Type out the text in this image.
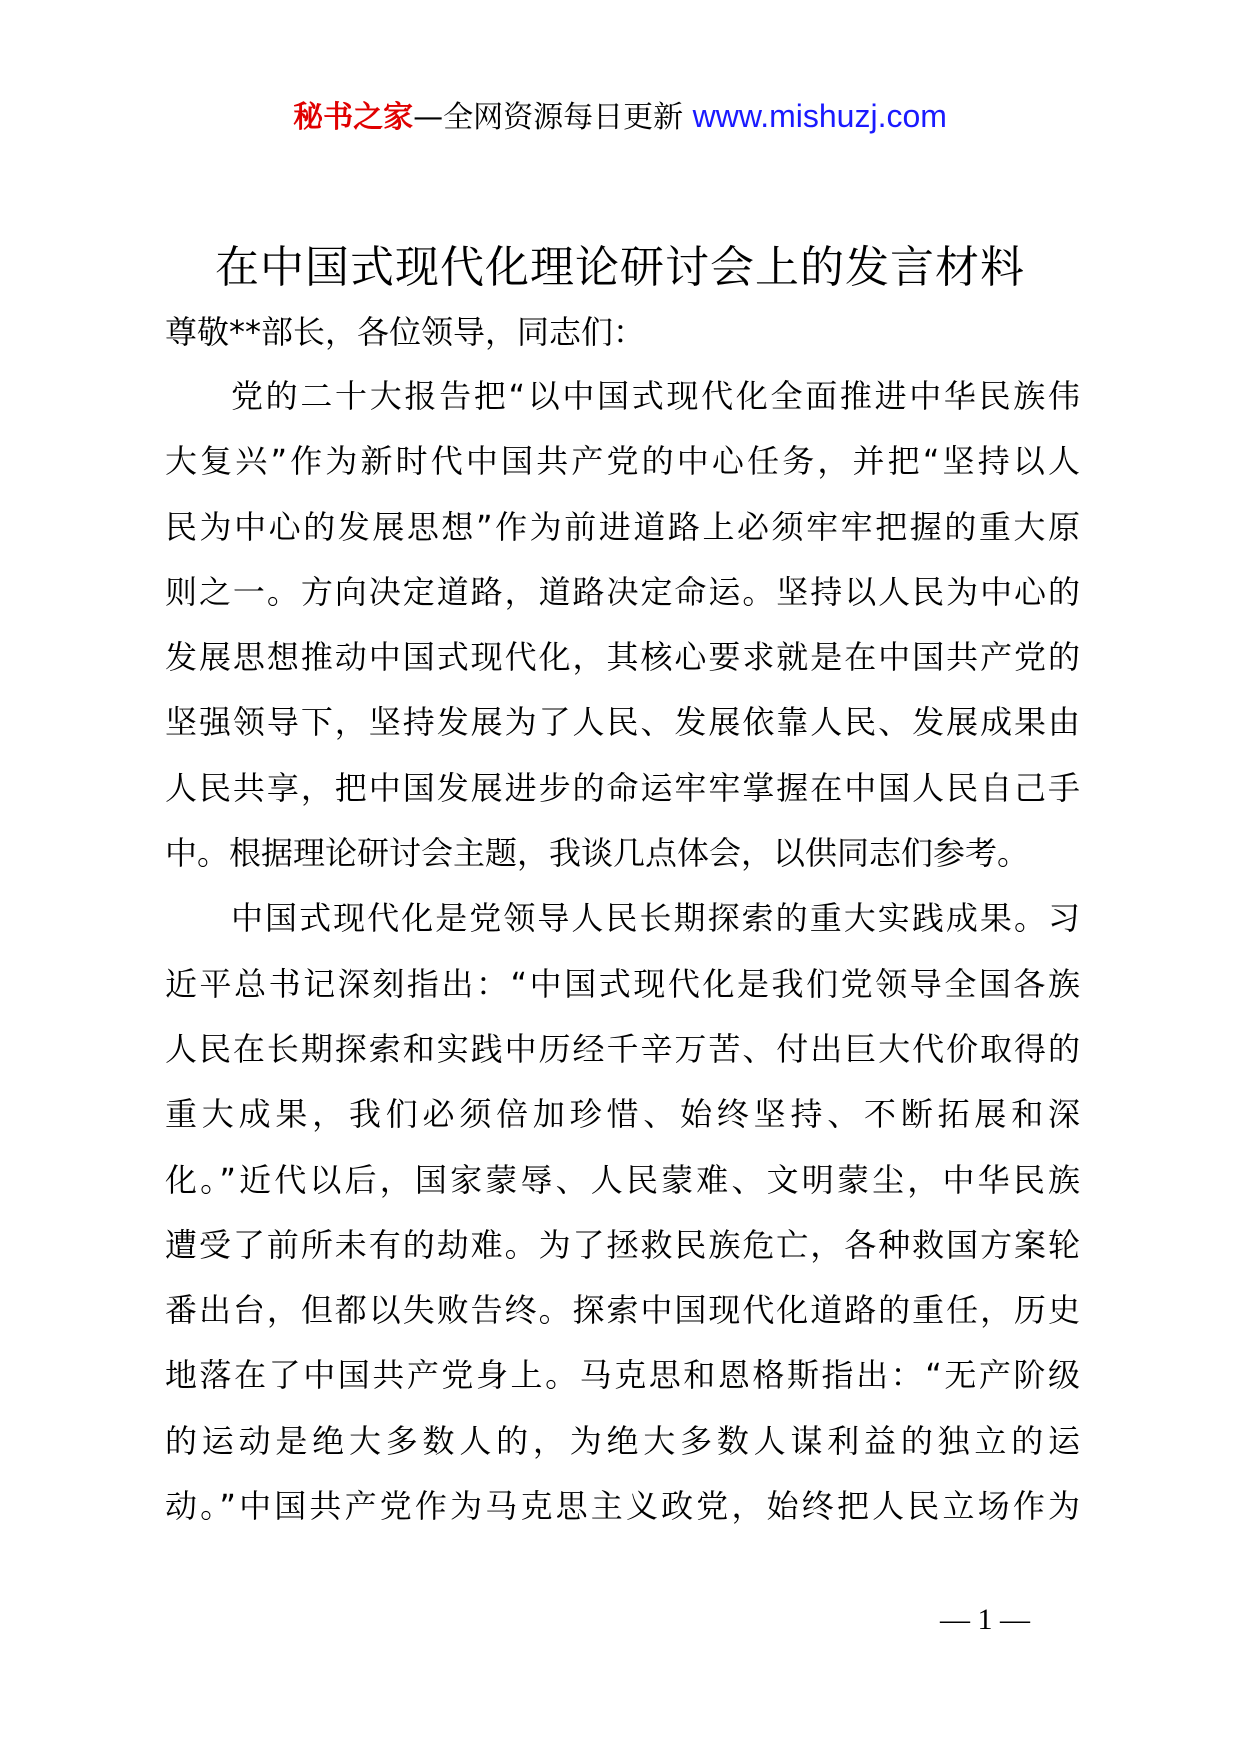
秘书之家—全网资源每日更新 www.mishuzj.com
在中国式现代化理论研讨会上的发言材料

尊敬**部长，各位领导，同志们：

党的二十大报告把“以中国式现代化全面推进中华民族伟
大复兴”作为新时代中国共产党的中心任务，并把“坚持以人
民为中心的发展思想”作为前进道路上必须牢牢把握的重大原
则之一。方向决定道路，道路决定命运。坚持以人民为中心的
发展思想推动中国式现代化，其核心要求就是在中国共产党的
坚强领导下，坚持发展为了人民、发展依靠人民、发展成果由
人民共享，把中国发展进步的命运牢牢掌握在中国人民自己手
中。根据理论研讨会主题，我谈几点体会，以供同志们参考。
中国式现代化是党领导人民长期探索的重大实践成果。习
近平总书记深刻指出：“中国式现代化是我们党领导全国各族
人民在长期探索和实践中历经千辛万苦、付出巨大代价取得的
重大成果，我们必须倍加珍惜、始终坚持、不断拓展和深
化。”近代以后，国家蒙辱、人民蒙难、文明蒙尘，中华民族
遭受了前所未有的劫难。为了拯救民族危亡，各种救国方案轮
番出台，但都以失败告终。探索中国现代化道路的重任，历史
地落在了中国共产党身上。马克思和恩格斯指出：“无产阶级
的运动是绝大多数人的，为绝大多数人谋利益的独立的运
动。”中国共产党作为马克思主义政党，始终把人民立场作为
— 1 —
